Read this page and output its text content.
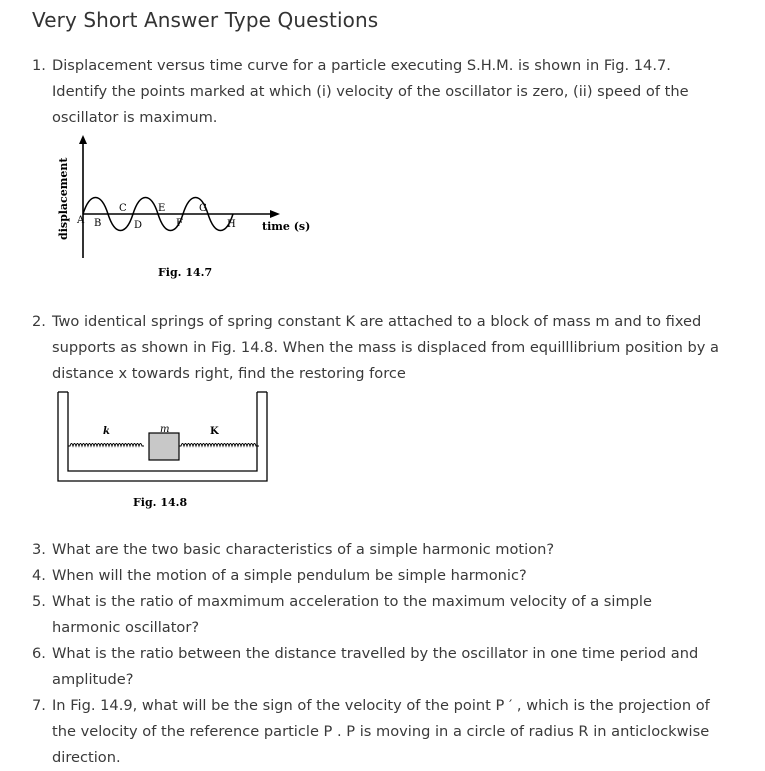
Very Short Answer Type Questions
1. Displacement versus time curve for a particle executing S.H.M. is shown in Fig. 14.7.
Identify the points marked at which (i) velocity of the oscillator is zero, (ii) speed of the
oscillator is maximum.
A B
C
D
E
F
G
H
displacement	time (s)
Fig. 14.7
2. Two identical springs of spring constant K are attached to a block of mass m and to fixed
supports as shown in Fig. 14.8. When the mass is displaced from equilllibrium position by a
distance x towards right, find the restoring force
k	m	K
Fig. 14.8
3. What are the two basic characteristics of a simple harmonic motion?
4. When will the motion of a simple pendulum be simple harmonic?
5. What is the ratio of maxmimum acceleration to the maximum velocity of a simple
harmonic oscillator?
6. What is the ratio between the distance travelled by the oscillator in one time period and
amplitude?
7. In Fig. 14.9, what will be the sign of the velocity of the point P ′ , which is the projection of
the velocity of the reference particle P . P is moving in a circle of radius R in anticlockwise
direction.
